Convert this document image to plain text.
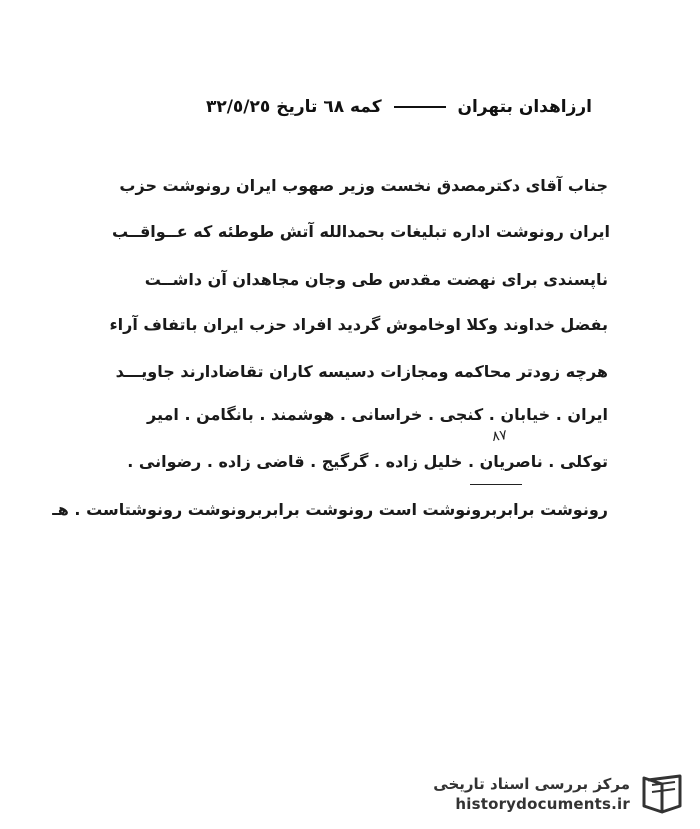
ارزاهدان بتهران  کمه ٦٨ تاریخ ٣٢/٥/٢٥
جناب آقای دکترمصدق نخست وزیر صهوب ایران رونوشت حزب
ایران رونوشت اداره تبلیغات بحمدالله آتش طوطئه که عــواقــب
ناپسندی برای نهضت مقدس طی وجان مجاهدان آن داشــت
بفضل خداوند وکلا اوخاموش گردید افراد حزب ایران باتفاف آراء
هرچه زودتر محاکمه ومجازات دسیسه کاران تقاضادارند جاویـــد
ایران . خیابان . کنجی . خراسانی . هوشمند . بانگامن . امیر
٨٧
توکلی . ناصریان . خلیل زاده . گرگیج . قاضی زاده . رضوانی .
رونوشت برابربرونوشت است رونوشت برابربرونوشت رونوشتاست . هـ
مرکز بررسی اسناد تاریخی
historydocuments.ir
